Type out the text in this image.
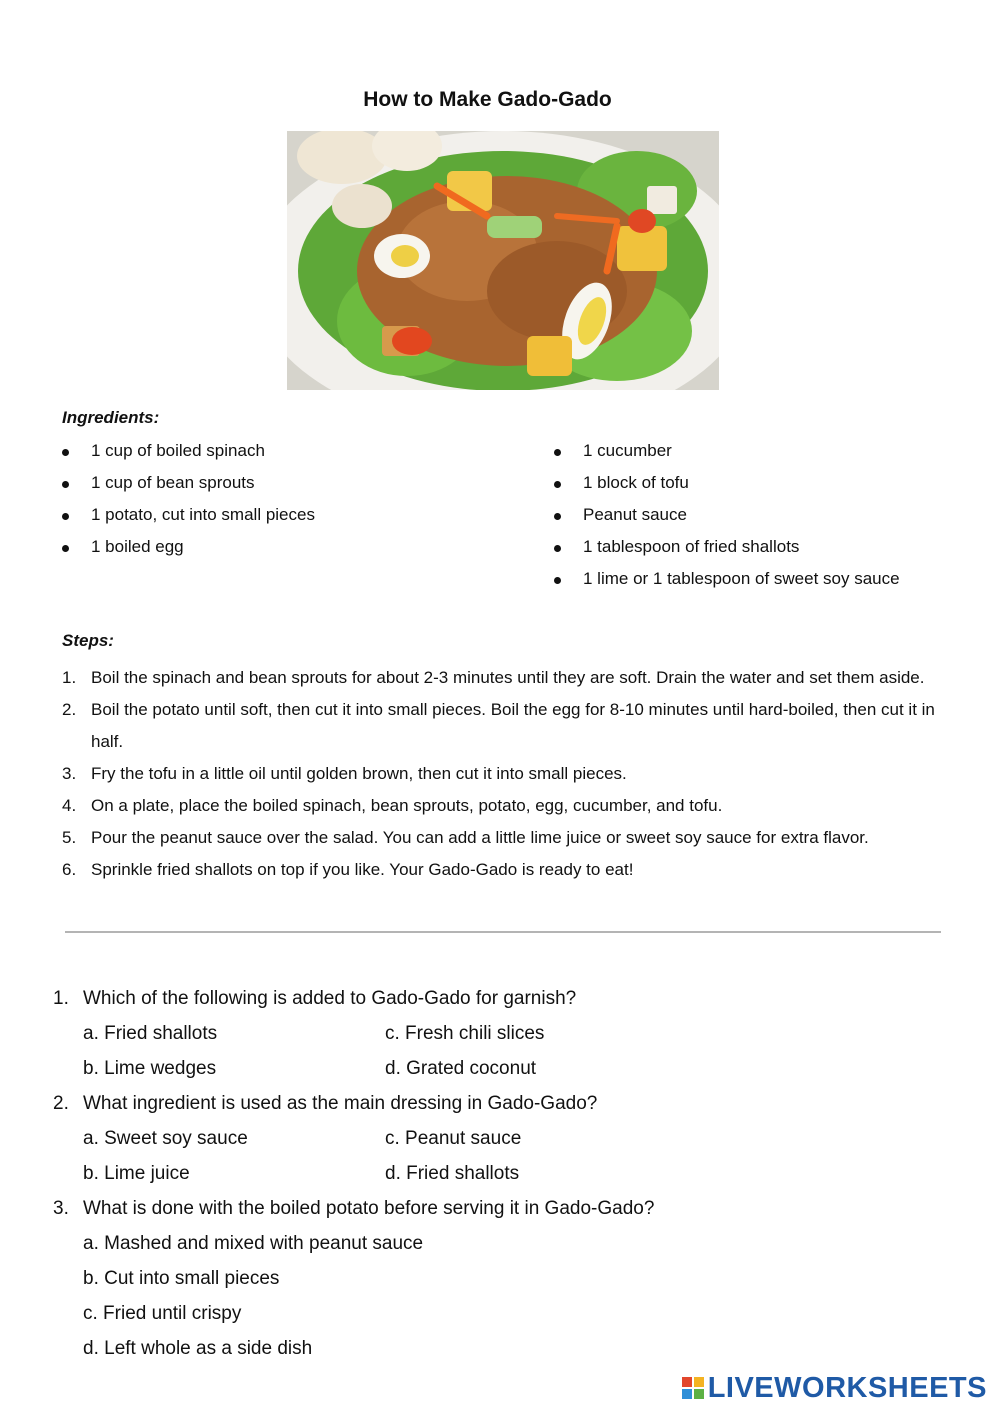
How to Make Gado-Gado
Ingredients:
1 cup of boiled spinach
1 cup of bean sprouts
1 potato, cut into small pieces
1 boiled egg
1 cucumber
1 block of tofu
Peanut sauce
1 tablespoon of fried shallots
1 lime or 1 tablespoon of sweet soy sauce
Steps:
1. Boil the spinach and bean sprouts for about 2-3 minutes until they are soft. Drain the water and set them aside.
2. Boil the potato until soft, then cut it into small pieces. Boil the egg for 8-10 minutes until hard-boiled, then cut it in half.
3. Fry the tofu in a little oil until golden brown, then cut it into small pieces.
4. On a plate, place the boiled spinach, bean sprouts, potato, egg, cucumber, and tofu.
5. Pour the peanut sauce over the salad. You can add a little lime juice or sweet soy sauce for extra flavor.
6. Sprinkle fried shallots on top if you like. Your Gado-Gado is ready to eat!
1. Which of the following is added to Gado-Gado for garnish?
a. Fried shallots	c. Fresh chili slices
b. Lime wedges	d. Grated coconut
2. What ingredient is used as the main dressing in Gado-Gado?
a. Sweet soy sauce	c. Peanut sauce
b. Lime juice	d. Fried shallots
3. What is done with the boiled potato before serving it in Gado-Gado?
a. Mashed and mixed with peanut sauce
b. Cut into small pieces
c. Fried until crispy
d. Left whole as a side dish
LIVEWORKSHEETS
